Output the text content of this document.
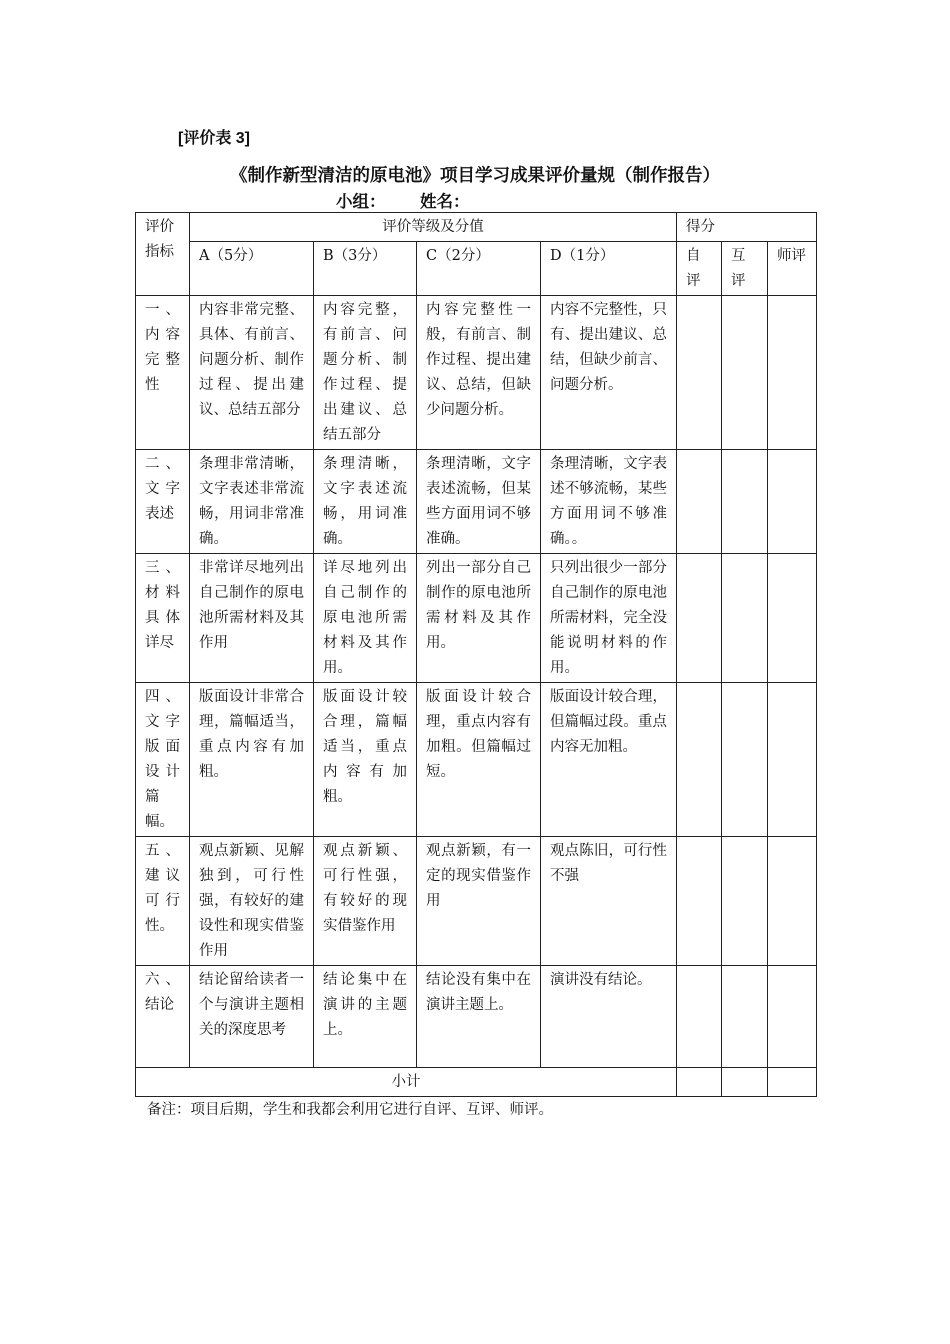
[评价表 3]
《制作新型清洁的原电池》项目学习成果评价量规（制作报告）
小组： 姓名：
评价指标	评价等级及分值				得分		
	A（5分）	B（3分）	C（2分）	D（1分）	自评	互评	师评
一、内容完整性	内容非常完整、具体、有前言、问题分析、制作过程、提出建议、总结五部分	内容完整，有前言、问题分析、制作过程、提出建议、总结五部分	内容完整性一般，有前言、制作过程、提出建议、总结，但缺少问题分析。	内容不完整性，只有、提出建议、总结，但缺少前言、问题分析。			
二、文字表述	条理非常清晰，文字表述非常流畅，用词非常准确。	条理清晰，文字表述流畅，用词准确。	条理清晰，文字表述流畅，但某些方面用词不够准确。	条理清晰，文字表述不够流畅，某些方面用词不够准确。。			
三、材料具体详尽	非常详尽地列出自己制作的原电池所需材料及其作用	详尽地列出自己制作的原电池所需材料及其作用。	列出一部分自己制作的原电池所需材料及其作用。	只列出很少一部分自己制作的原电池所需材料，完全没能说明材料的作用。			
四、文字版面设计篇幅。	版面设计非常合理，篇幅适当，重点内容有加粗。	版面设计较合理，篇幅适当，重点内容有加粗。	版面设计较合理，重点内容有加粗。但篇幅过短。	版面设计较合理，但篇幅过段。重点内容无加粗。			
五、建议可行性。	观点新颖、见解独到，可行性强，有较好的建设性和现实借鉴作用	观点新颖、可行性强，有较好的现实借鉴作用	观点新颖，有一定的现实借鉴作用	观点陈旧，可行性不强			
六、结论	结论留给读者一个与演讲主题相关的深度思考	结论集中在演讲的主题上。	结论没有集中在演讲主题上。	演讲没有结论。			
小计							
备注：项目后期，学生和我都会利用它进行自评、互评、师评。
